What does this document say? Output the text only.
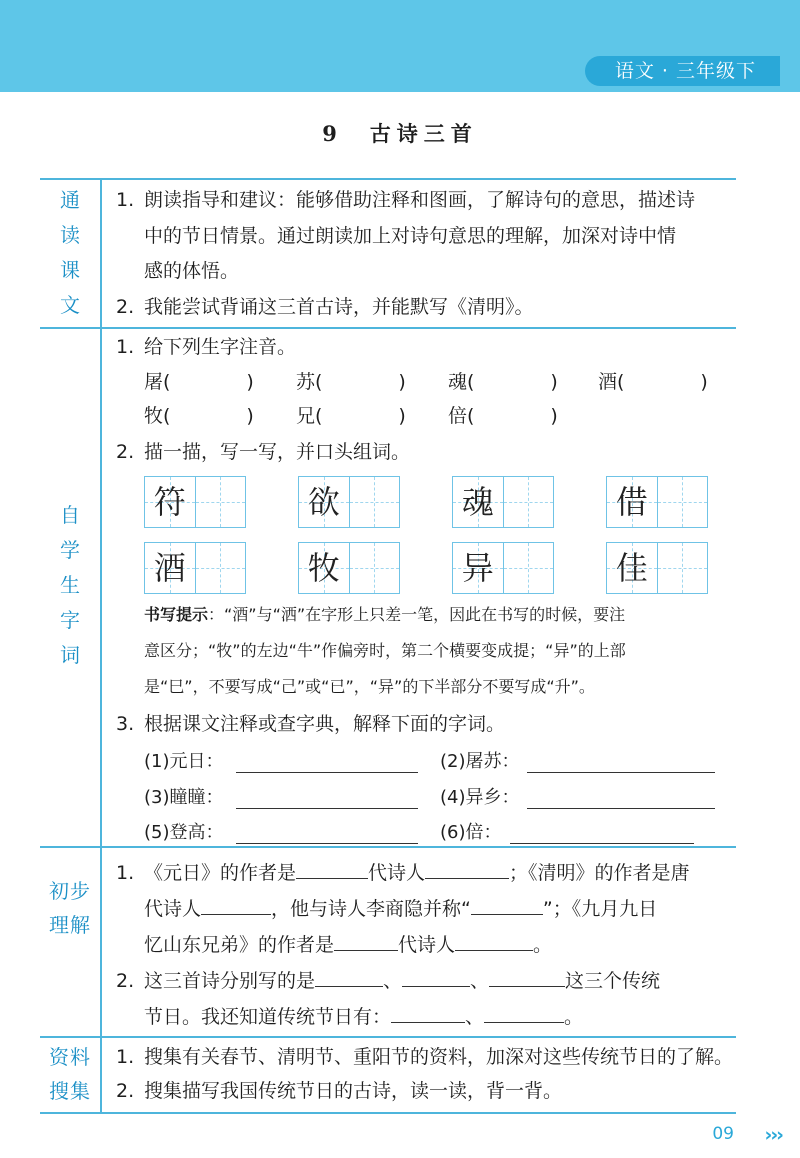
语文 · 三年级下
9　古诗三首
通
读
课
文
1. 朗读指导和建议：能够借助注释和图画，了解诗句的意思，描述诗
中的节日情景。通过朗读加上对诗句意思的理解，加深对诗中情
感的体悟。
2. 我能尝试背诵这三首古诗，并能默写《清明》。
自
学
生
字
词
1. 给下列生字注音。
屠(　　　　) 苏(　　　　) 魂(　　　　) 酒(　　　　)
牧(　　　　) 兄(　　　　) 倍(　　　　)
2. 描一描，写一写，并口头组词。
符	欲	魂	借
酒	牧	异	佳
书写提示：“酒”与“洒”在字形上只差一笔，因此在书写的时候，要注
意区分；“牧”的左边“牛”作偏旁时，第二个横要变成提；“异”的上部
是“巳”，不要写成“己”或“已”，“异”的下半部分不要写成“升”。
3. 根据课文注释或查字典，解释下面的字词。
(1)元日：	(2)屠苏：
(3)瞳瞳：	(4)异乡：
(5)登高：	(6)倍：
初步
理解
1. 《元日》的作者是	代诗人	；《清明》的作者是唐
代诗人	，他与诗人李商隐并称“	”；《九月九日
忆山东兄弟》的作者是	代诗人	。
2. 这三首诗分别写的是	、	、	这三个传统
节日。我还知道传统节日有：	、	。
资料
搜集
1. 搜集有关春节、清明节、重阳节的资料，加深对这些传统节日的了解。
2. 搜集描写我国传统节日的古诗，读一读，背一背。
09 ›››
